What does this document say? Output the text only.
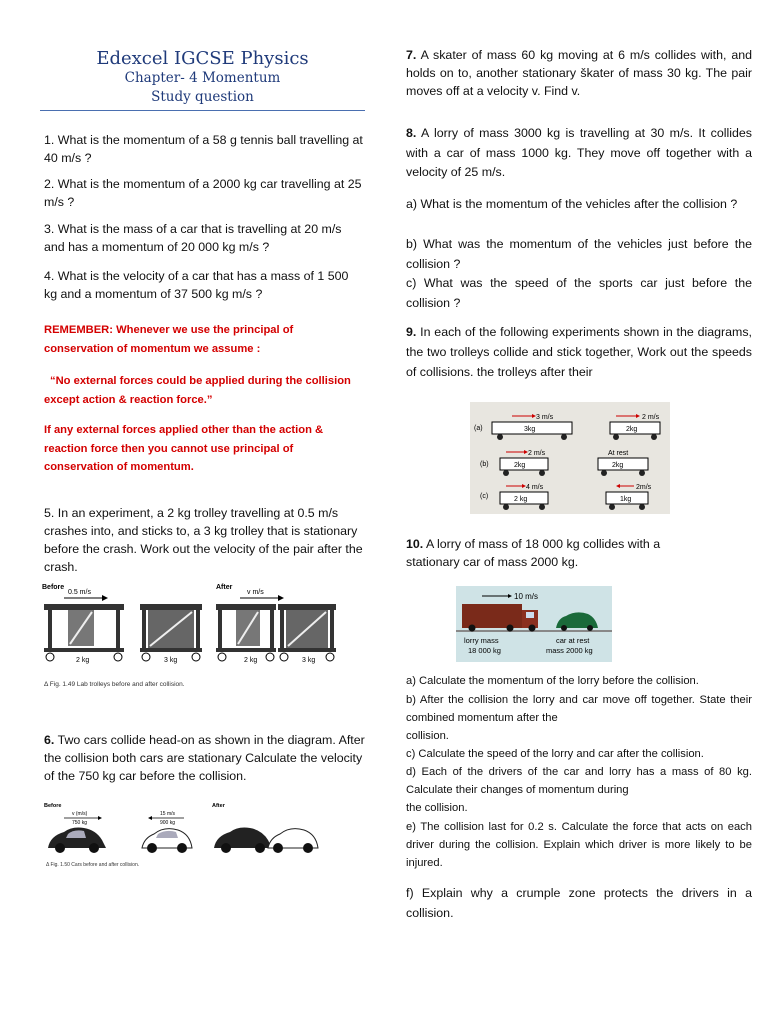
Edexcel IGCSE Physics
Chapter- 4 Momentum
Study question
1. What is the momentum of a 58 g tennis ball travelling at 40 m/s ?
2. What is the momentum of a 2000 kg car travelling at 25 m/s ?
3. What is the mass of a car that is travelling at 20 m/s and has a momentum of 20 000 kg m/s ?
4. What is the velocity of a car that has a mass of 1 500 kg and a momentum of 37 500 kg m/s ?
REMEMBER: Whenever we use the principal of conservation of momentum we assume :
“No external forces could be applied during the collision except action & reaction force.”
If any external forces applied other than the action & reaction force then you cannot use principal of conservation of momentum.
5. In an experiment, a 2 kg trolley travelling at 0.5 m/s crashes into, and sticks to, a 3 kg trolley that is stationary before the crash. Work out the velocity of the pair after the crash.
Before	After
0.5 m/s	v m/s
2 kg	3 kg	2 kg	3 kg
Δ Fig. 1.49 Lab trolleys before and after collision.
6. Two cars collide head-on as shown in the diagram. After the collision both cars are stationary Calculate the velocity of the 750 kg car before the collision.
Before	After
v (m/s)
750 kg
15 m/s
900 kg
Δ Fig. 1.50 Cars before and after collision.
7. A skater of mass 60 kg moving at 6 m/s collides with, and holds on to, another stationary škater of mass 30 kg. The pair moves off at a velocity v. Find v.
8. A lorry of mass 3000 kg is travelling at 30 m/s. It collides with a car of mass 1000 kg. They move off together with a velocity of 25 m/s.
a) What is the momentum of the vehicles after the collision ?
b) What was the momentum of the vehicles just before the collision ?
c) What was the speed of the sports car just before the collision ?
9. In each of the following experiments shown in the diagrams, the two trolleys collide and stick together, Work out the speeds of collisions. the trolleys after their
(a)
3 m/s	2 m/s
3kg	2kg
(b)
2 m/s	At rest
2kg	2kg
(c)
4 m/s	2m/s
2 kg	1kg
10. A lorry of mass of 18 000 kg collides with a stationary car of mass 2000 kg.
10 m/s
lorry mass
18 000 kg
car at rest
mass 2000 kg
a) Calculate the momentum of the lorry before the collision.
b) After the collision the lorry and car move off together. State their combined momentum after the
collision.
c) Calculate the speed of the lorry and car after the collision.
d) Each of the drivers of the car and lorry has a mass of 80 kg. Calculate their changes of momentum during
the collision.
e) The collision last for 0.2 s. Calculate the force that acts on each driver during the collision. Explain which driver is more likely to be injured.
f) Explain why a crumple zone protects the drivers in a collision.
